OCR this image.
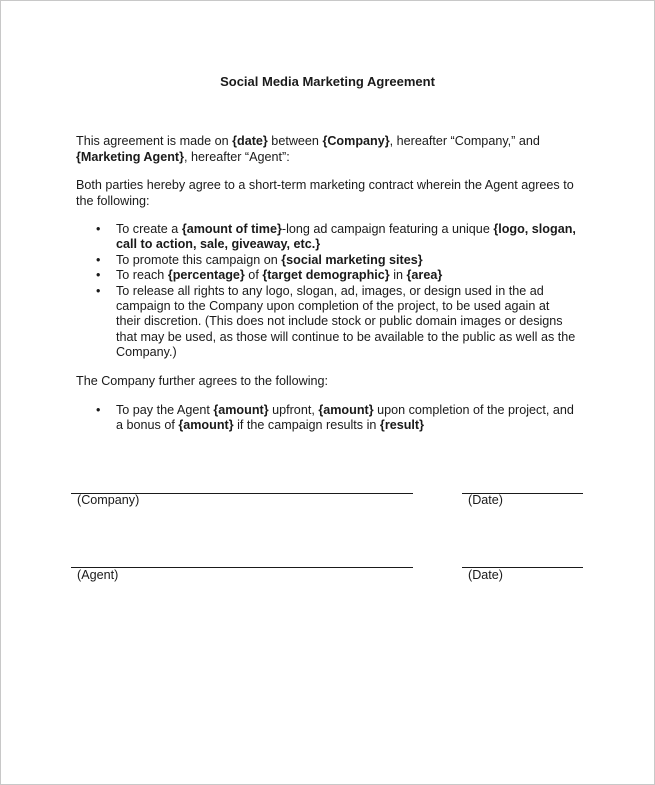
Social Media Marketing Agreement
This agreement is made on {date} between {Company}, hereafter “Company,” and {Marketing Agent}, hereafter “Agent”:
Both parties hereby agree to a short-term marketing contract wherein the Agent agrees to the following:
• To create a {amount of time}-long ad campaign featuring a unique {logo, slogan, call to action, sale, giveaway, etc.}
• To promote this campaign on {social marketing sites}
• To reach {percentage} of {target demographic} in {area}
• To release all rights to any logo, slogan, ad, images, or design used in the ad campaign to the Company upon completion of the project, to be used again at their discretion. (This does not include stock or public domain images or designs that may be used, as those will continue to be available to the public as well as the Company.)
The Company further agrees to the following:
• To pay the Agent {amount} upfront, {amount} upon completion of the project, and a bonus of {amount} if the campaign results in {result}
(Company)	(Date)
(Agent)	(Date)
